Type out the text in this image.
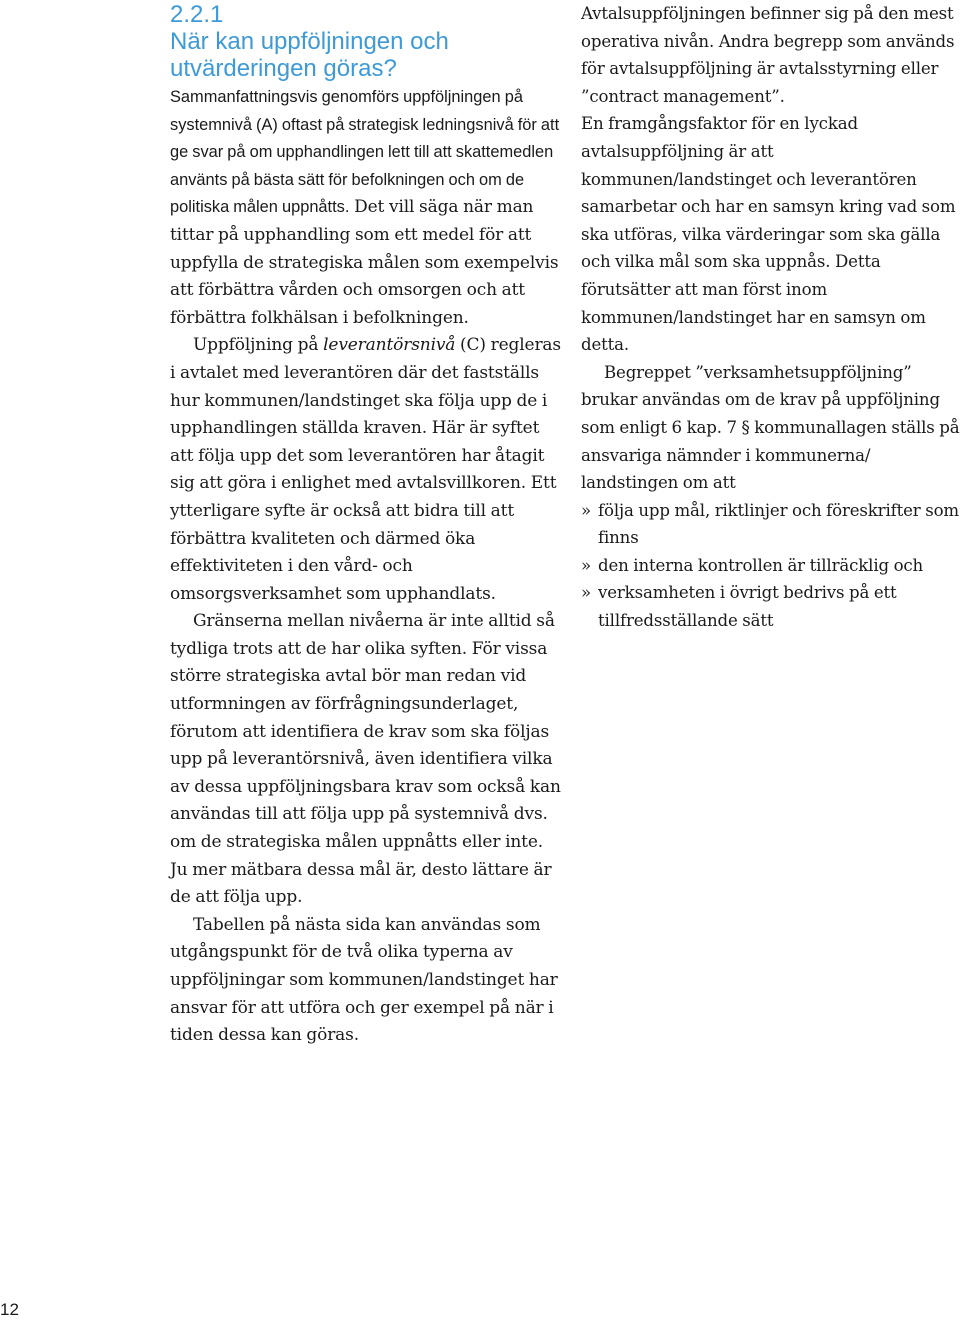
2.2.1
När kan uppföljningen och
utvärderingen göras?

Sammanfattningsvis genomförs uppföljningen på systemnivå (A) oftast på strategisk ledningsnivå för att ge svar på om upphandlingen lett till att skattemedlen använts på bästa sätt för befolkningen och om de politiska målen uppnåtts. Det vill säga när man tittar på upphandling som ett medel för att uppfylla de strategiska målen som exempelvis att förbättra vården och omsorgen och att förbättra folkhälsan i befolkningen.

Uppföljning på leverantörsnivå (C) regleras i avtalet med leverantören där det fastställs hur kommunen/landstinget ska följa upp de i upphandlingen ställda kraven. Här är syftet att följa upp det som leverantören har åtagit sig att göra i enlighet med avtalsvillkoren. Ett ytterligare syfte är också att bidra till att förbättra kvaliteten och därmed öka effektiviteten i den vård- och omsorgsverksamhet som upphandlats.

Gränserna mellan nivåerna är inte alltid så tydliga trots att de har olika syften. För vissa större strategiska avtal bör man redan vid utformningen av förfrågningsunderlaget, förutom att identifiera de krav som ska följas upp på leverantörsnivå, även identifiera vilka av dessa uppföljningsbara krav som också kan användas till att följa upp på systemnivå dvs. om de strategiska målen uppnåtts eller inte. Ju mer mätbara dessa mål är, desto lättare är de att följa upp.

Tabellen på nästa sida kan användas som utgångspunkt för de två olika typerna av uppföljningar som kommunen/landstinget har ansvar för att utföra och ger exempel på när i tiden dessa kan göras.

Avtalsuppföljningen befinner sig på den mest operativa nivån. Andra begrepp som används för avtalsuppföljning är avtalsstyrning eller ”contract management”.

En framgångsfaktor för en lyckad avtalsuppföljning är att kommunen/landstinget och leverantören samarbetar och har en samsyn kring vad som ska utföras, vilka värderingar som ska gälla och vilka mål som ska uppnås. Detta förutsätter att man först inom kommunen/landstinget har en samsyn om detta.

Begreppet ”verksamhetsuppföljning” brukar användas om de krav på uppföljning som enligt 6 kap. 7 § kommunallagen ställs på ansvariga nämnder i kommunerna/ landstingen om att

» följa upp mål, riktlinjer och föreskrifter som finns
» den interna kontrollen är tillräcklig och
» verksamheten i övrigt bedrivs på ett tillfredsställande sätt
12
